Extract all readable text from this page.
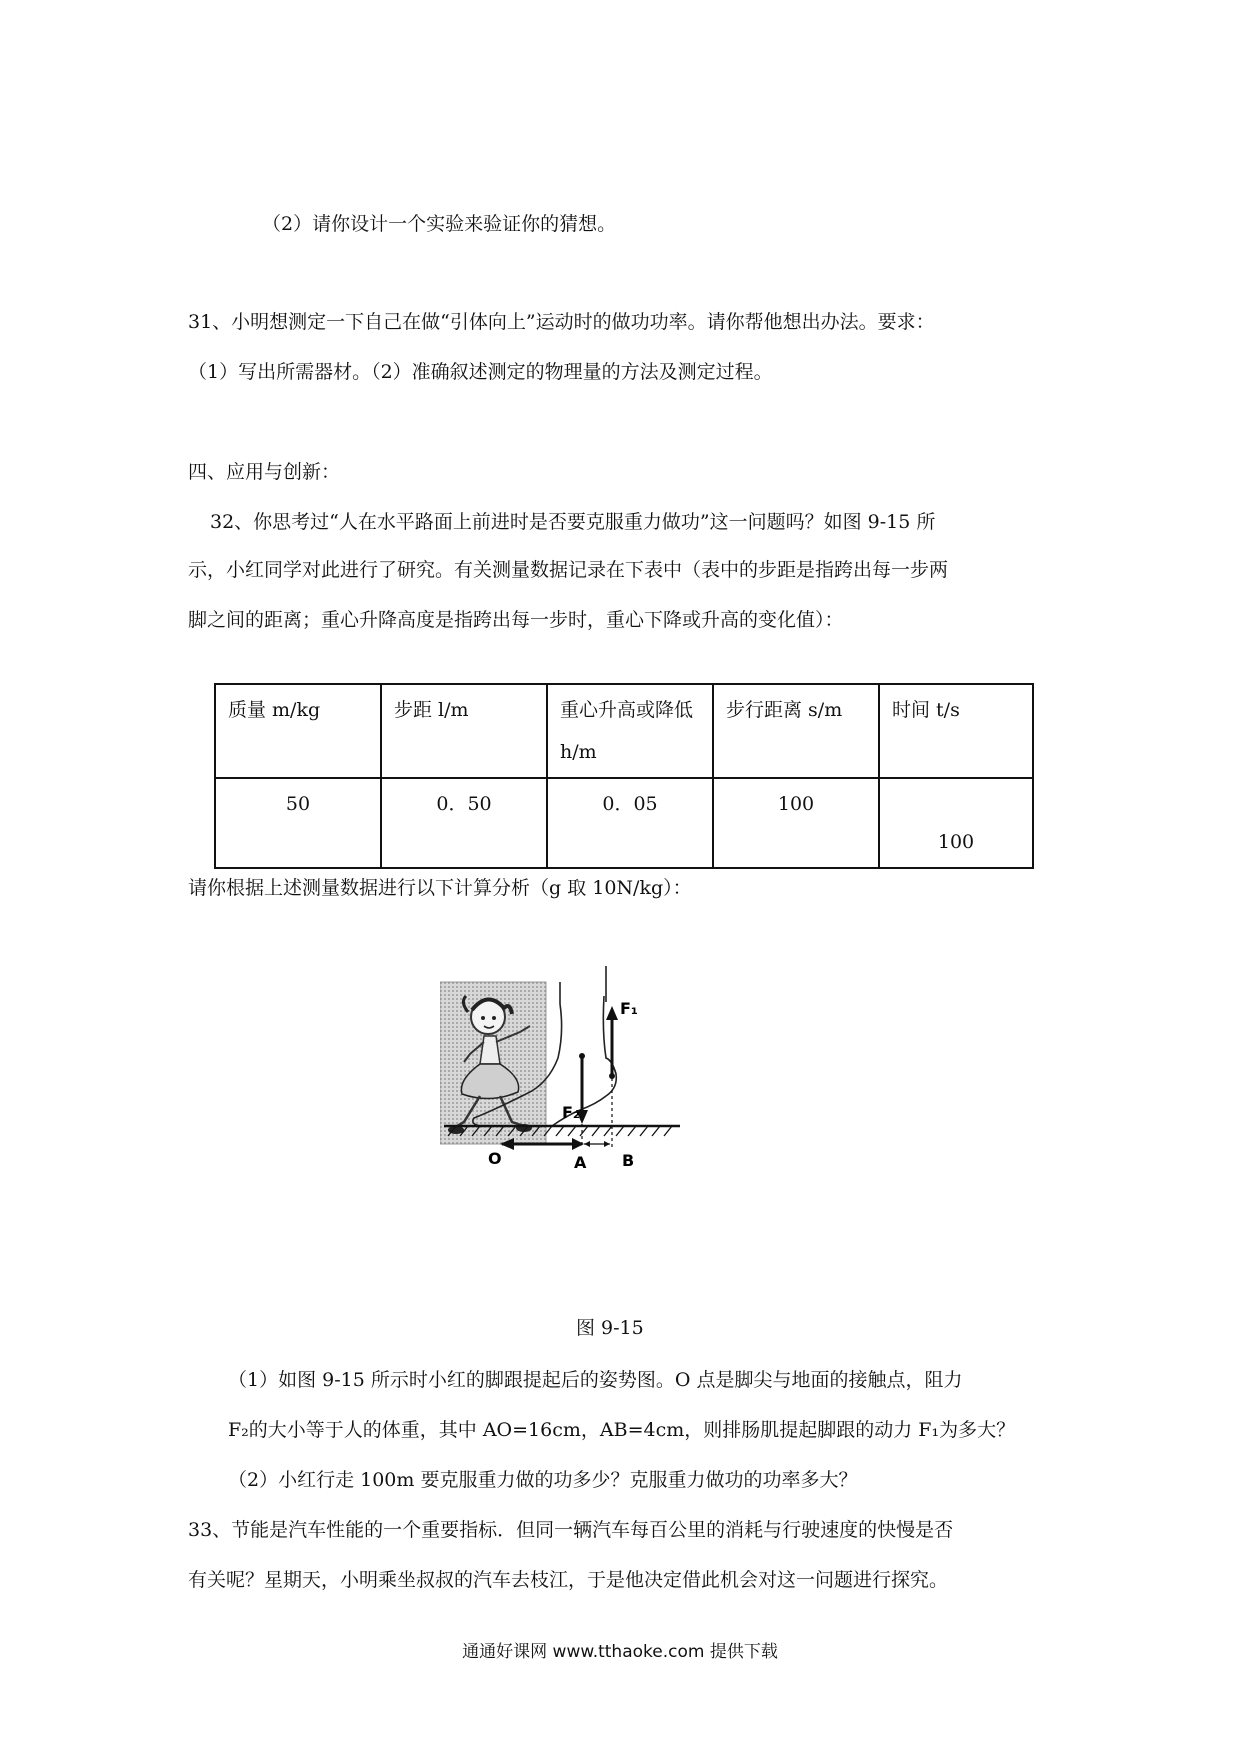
（2）请你设计一个实验来验证你的猜想。
31、小明想测定一下自己在做“引体向上”运动时的做功功率。请你帮他想出办法。要求：
（1）写出所需器材。（2）准确叙述测定的物理量的方法及测定过程。
四、应用与创新：
32、你思考过“人在水平路面上前进时是否要克服重力做功”这一问题吗？如图 9-15 所
示，小红同学对此进行了研究。有关测量数据记录在下表中（表中的步距是指跨出每一步两
脚之间的距离；重心升降高度是指跨出每一步时，重心下降或升高的变化值）：
质量 m/kg	步距 l/m	重心升高或降低 h/m	步行距离 s/m	时间 t/s
50	0．50	0．05	100	100
请你根据上述测量数据进行以下计算分析（g 取 10N/kg）：
F₁
F₂
O	A B
图 9-15
（1）如图 9-15 所示时小红的脚跟提起后的姿势图。O 点是脚尖与地面的接触点，阻力
F₂的大小等于人的体重，其中 AO=16cm，AB=4cm，则排肠肌提起脚跟的动力 F₁为多大？
（2）小红行走 100m 要克服重力做的功多少？克服重力做功的功率多大？
33、节能是汽车性能的一个重要指标．但同一辆汽车每百公里的消耗与行驶速度的快慢是否
有关呢？星期天，小明乘坐叔叔的汽车去枝江，于是他决定借此机会对这一问题进行探究。
通通好课网 www.tthaoke.com 提供下载
